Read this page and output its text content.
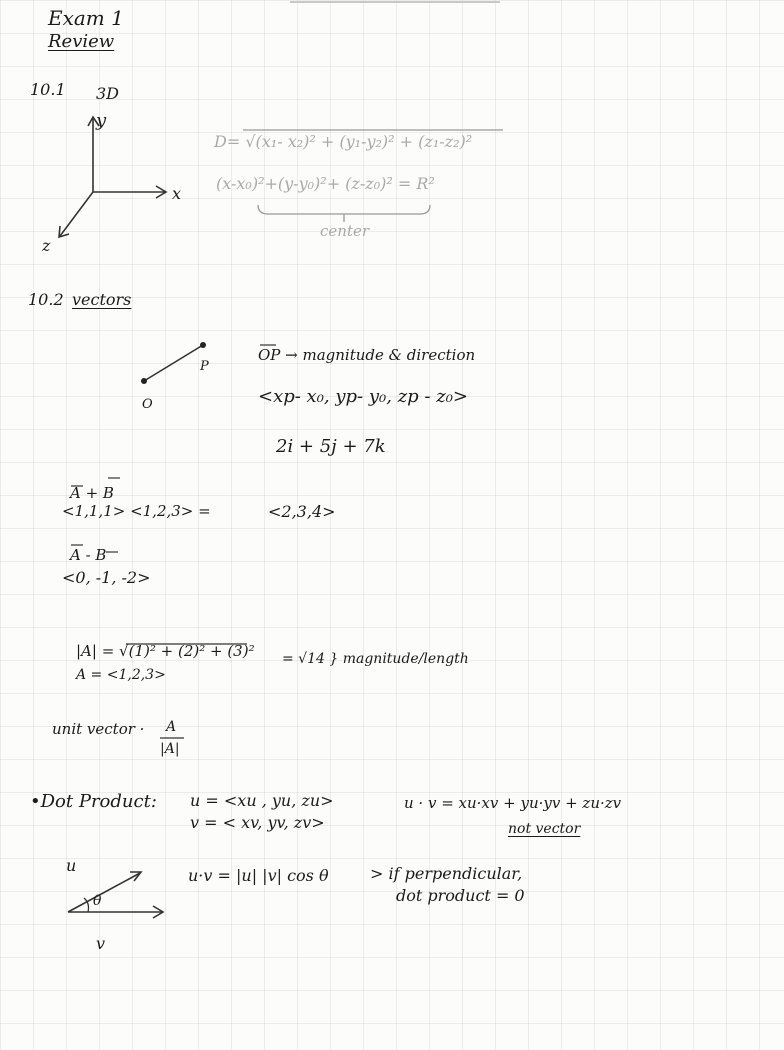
Exam 1
Review
10.1 3D
y
x
z
D= √(x₁- x₂)² + (y₁-y₂)² + (z₁-z₂)²
(x-x₀)²+(y-y₀)²+ (z-z₀)² = R²
center
10.2 vectors
P
O
OP → magnitude & direction
<xp- x₀, yp- y₀, zp - z₀>
2i + 5j + 7k
A + B
<1,1,1> <1,2,3> =	<2,3,4>
A - B
<0, -1, -2>
|A| = √(1)² + (2)² + (3)² = √14 } magnitude/length
A = <1,2,3>
unit vector · A
|A|
•Dot Product: u = <xu , yu, zu>
v = < xv, yv, zv>
u · v = xu·xv + yu·yv + zu·zv
not vector
u
θ
v
u·v = |u| |v| cos θ	> if perpendicular,
dot product = 0
